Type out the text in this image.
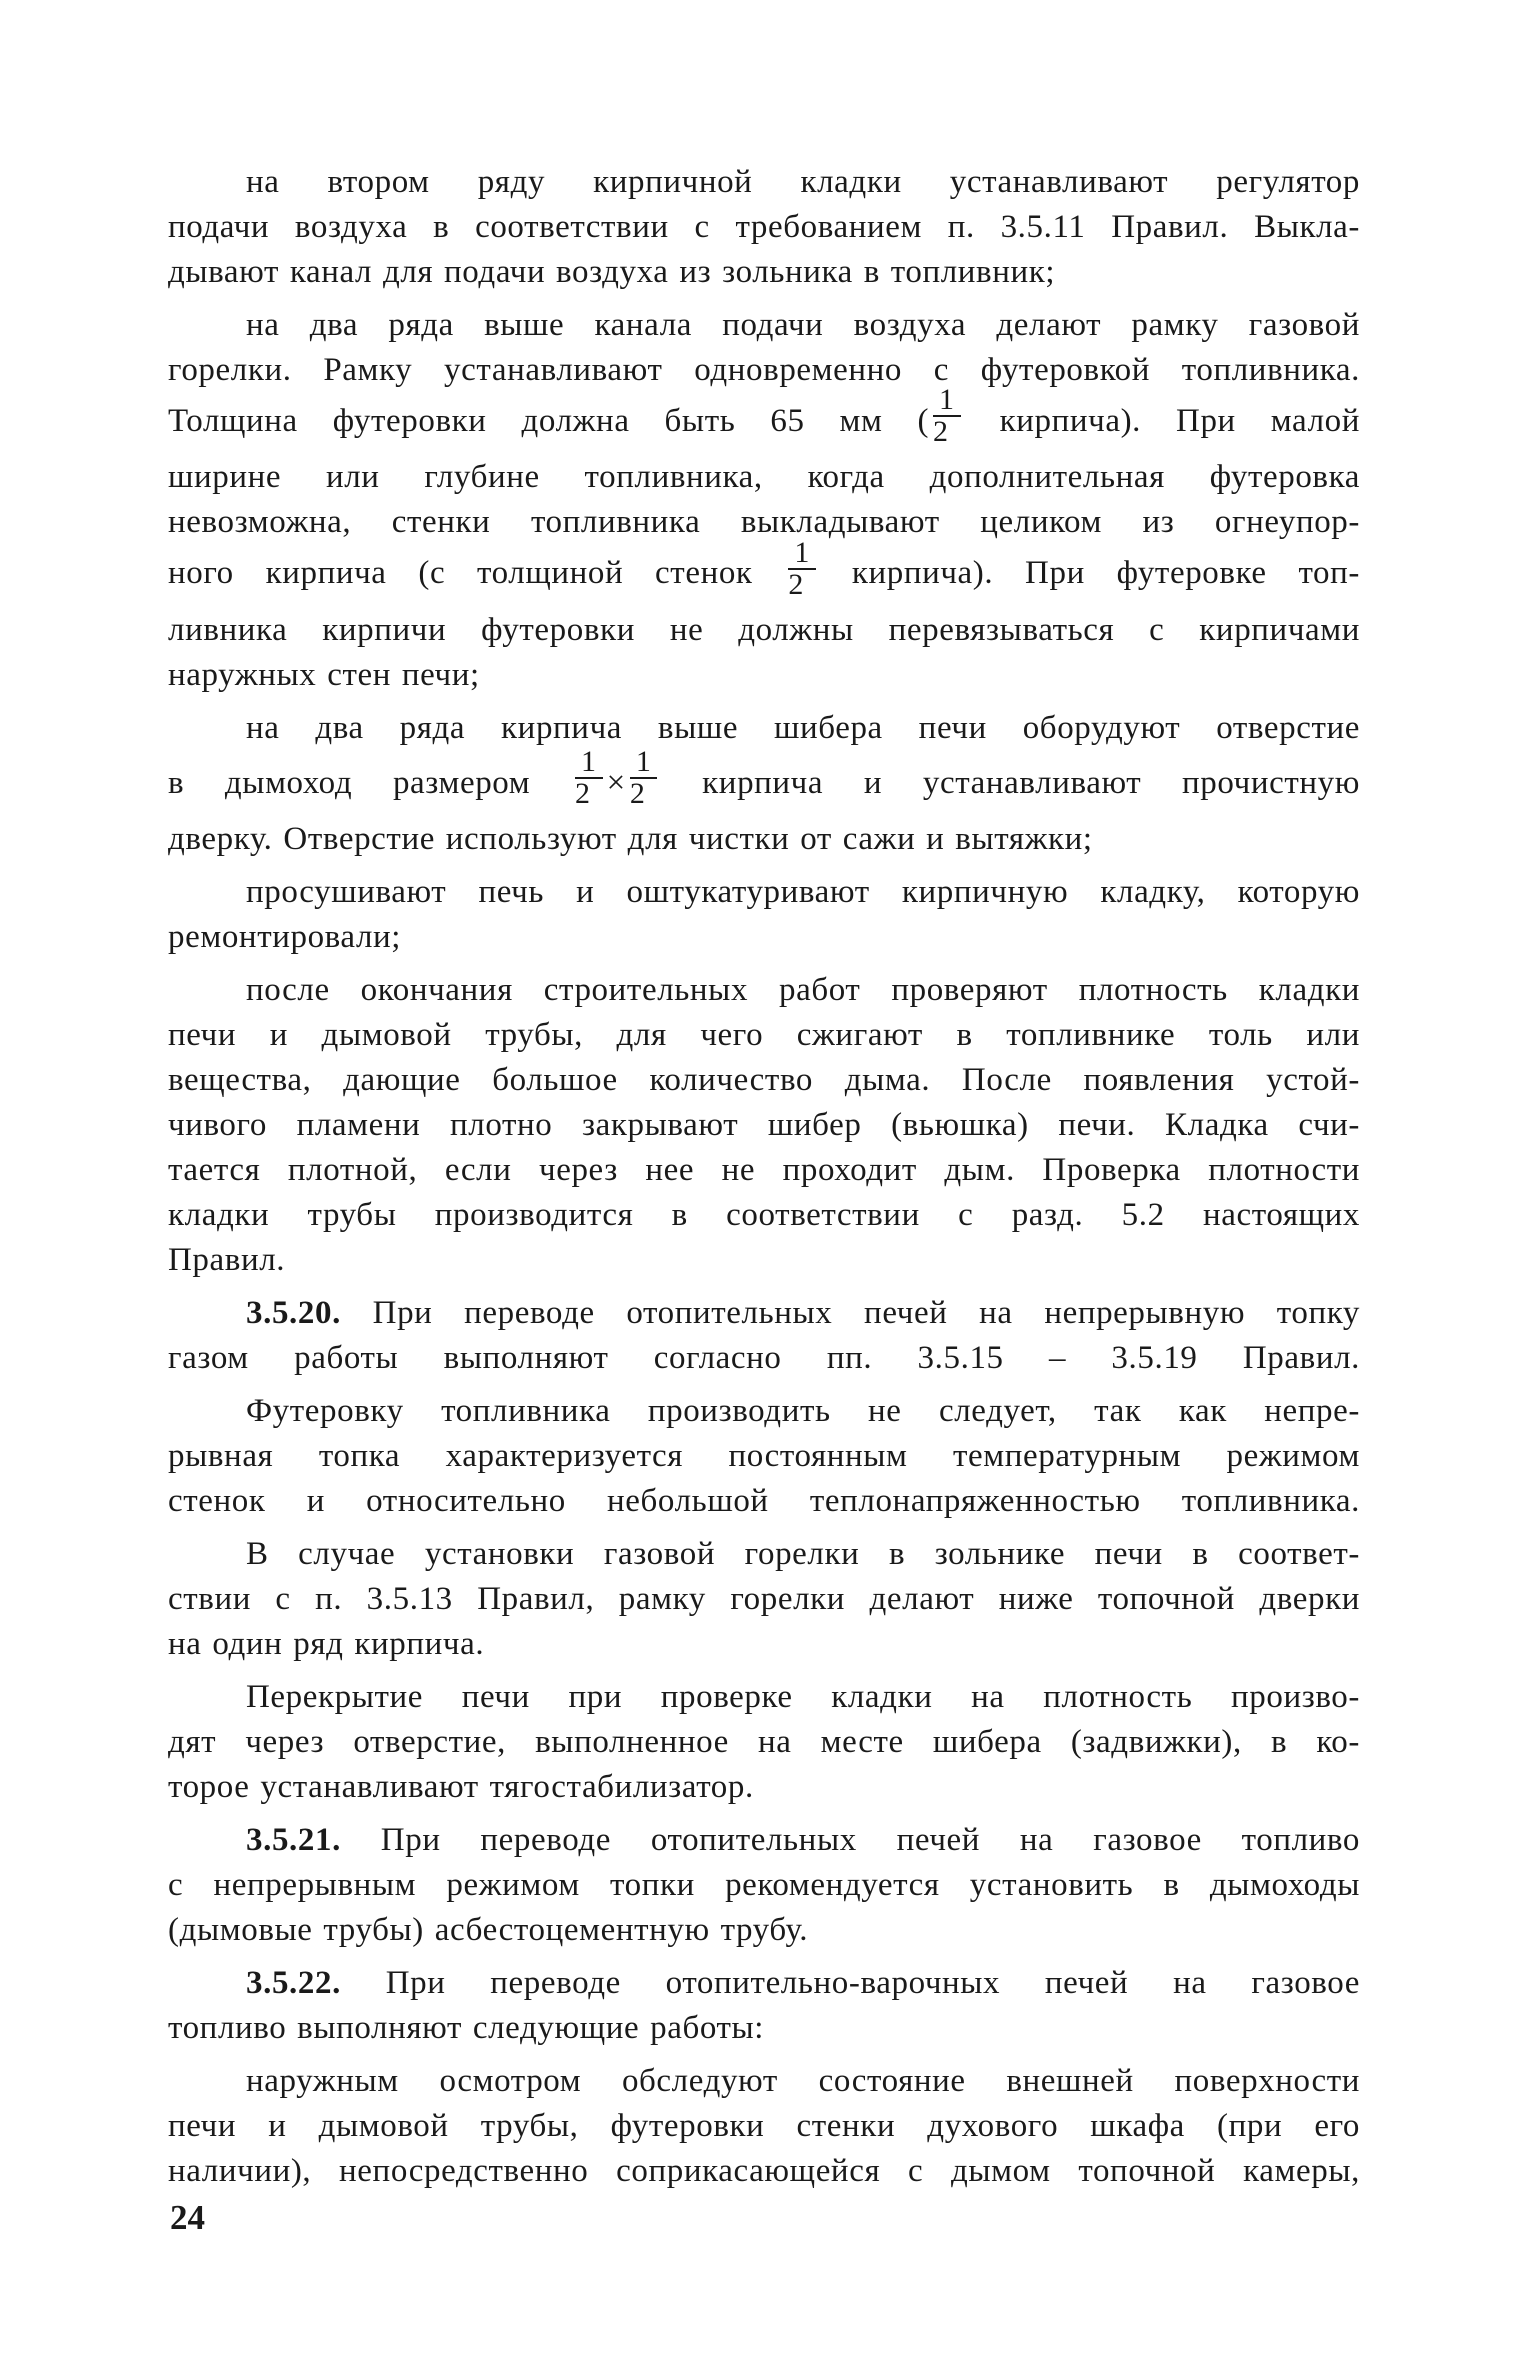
на втором ряду кирпичной кладки устанавливают регулятор
подачи воздуха в соответствии с требованием п. 3.5.11 Правил. Выкла-
дывают канал для подачи воздуха из зольника в топливник;
на два ряда выше канала подачи воздуха делают рамку газовой
горелки. Рамку устанавливают одновременно с футеровкой топливника.
Толщина футеровки должна быть 65 мм ( $\frac{1}{2}$ кирпича). При малой
ширине или глубине топливника, когда дополнительная футеровка
невозможна, стенки топливника выкладывают целиком из огнеупор-
ного кирпича (с толщиной стенок $\frac{1}{2}$ кирпича). При футеровке топ-
ливника кирпичи футеровки не должны перевязываться с кирпичами
наружных стен печи;
на два ряда кирпича выше шибера печи оборудуют отверстие
в дымоход размером $\frac{1}{2} \times \frac{1}{2}$ кирпича и устанавливают прочистную
дверку. Отверстие используют для чистки от сажи и вытяжки;
просушивают печь и оштукатуривают кирпичную кладку, которую
ремонтировали;
после окончания строительных работ проверяют плотность кладки
печи и дымовой трубы, для чего сжигают в топливнике толь или
вещества, дающие большое количество дыма. После появления устой-
чивого пламени плотно закрывают шибер (вьюшка) печи. Кладка счи-
тается плотной, если через нее не проходит дым. Проверка плотности
кладки трубы производится в соответствии с разд. 5.2 настоящих
Правил.
3.5.20. При переводе отопительных печей на непрерывную топку
газом работы выполняют согласно пп. 3.5.15 – 3.5.19 Правил.
Футеровку топливника производить не следует, так как непре-
рывная топка характеризуется постоянным температурным режимом
стенок и относительно небольшой теплонапряженностью топливника.
В случае установки газовой горелки в зольнике печи в соответ-
ствии с п. 3.5.13 Правил, рамку горелки делают ниже топочной дверки
на один ряд кирпича.
Перекрытие печи при проверке кладки на плотность произво-
дят через отверстие, выполненное на месте шибера (задвижки), в ко-
торое устанавливают тягостабилизатор.
3.5.21. При переводе отопительных печей на газовое топливо
с непрерывным режимом топки рекомендуется установить в дымоходы
(дымовые трубы) асбестоцементную трубу.
3.5.22. При переводе отопительно-варочных печей на газовое
топливо выполняют следующие работы:
наружным осмотром обследуют состояние внешней поверхности
печи и дымовой трубы, футеровки стенки духового шкафа (при его
наличии), непосредственно соприкасающейся с дымом топочной камеры,
24
